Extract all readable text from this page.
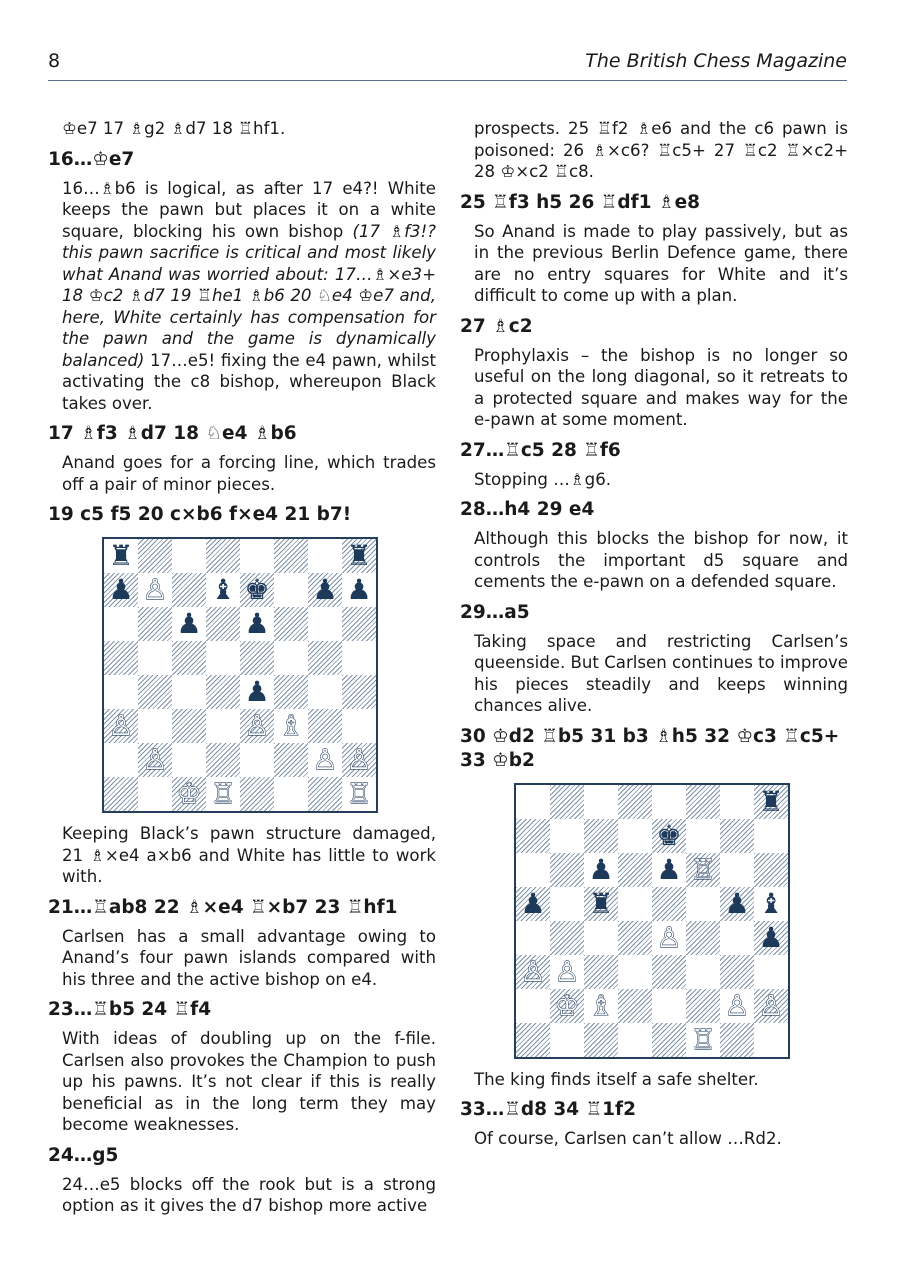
8	The British Chess Magazine
♔e7 17 ♗g2 ♗d7 18 ♖hf1.
16…♔e7
16…♗b6 is logical, as after 17 e4?! White keeps the pawn but places it on a white square, blocking his own bishop (17 ♗f3!? this pawn sacrifice is critical and most likely what Anand was worried about: 17…♗×e3+ 18 ♔c2 ♗d7 19 ♖he1 ♗b6 20 ♘e4 ♔e7 and, here, White certainly has compensation for the pawn and the game is dynamically balanced) 17…e5! fixing the e4 pawn, whilst activating the c8 bishop, whereupon Black takes over.
17 ♗f3 ♗d7 18 ♘e4 ♗b6
Anand goes for a forcing line, which trades off a pair of minor pieces.
19 c5 f5 20 c×b6 f×e4 21 b7!
♜	♜
♟ ♙ ♝ ♚ ♟ ♟
♟ ♟
♟
♙	♙ ♗
♙	♙ ♙
♔ ♖	♖
Keeping Black’s pawn structure damaged, 21 ♗×e4 a×b6 and White has little to work with.
21…♖ab8 22 ♗×e4 ♖×b7 23 ♖hf1
Carlsen has a small advantage owing to Anand’s four pawn islands compared with his three and the active bishop on e4.
23…♖b5 24 ♖f4
With ideas of doubling up on the f-file. Carlsen also provokes the Champion to push up his pawns. It’s not clear if this is really beneficial as in the long term they may become weaknesses.
24…g5
24…e5 blocks off the rook but is a strong option as it gives the d7 bishop more active
prospects. 25 ♖f2 ♗e6 and the c6 pawn is poisoned: 26 ♗×c6? ♖c5+ 27 ♖c2 ♖×c2+ 28 ♔×c2 ♖c8.
25 ♖f3 h5 26 ♖df1 ♗e8
So Anand is made to play passively, but as in the previous Berlin Defence game, there are no entry squares for White and it’s difficult to come up with a plan.
27 ♗c2
Prophylaxis – the bishop is no longer so useful on the long diagonal, so it retreats to a protected square and makes way for the e-pawn at some moment.
27…♖c5 28 ♖f6
Stopping …♗g6.
28…h4 29 e4
Although this blocks the bishop for now, it controls the important d5 square and cements the e-pawn on a defended square.
29…a5
Taking space and restricting Carlsen’s queenside. But Carlsen continues to improve his pieces steadily and keeps winning chances alive.
30 ♔d2 ♖b5 31 b3 ♗h5 32 ♔c3 ♖c5+ 33 ♔b2
♜
♚
♟ ♟ ♖
♟ ♜	♟ ♝
♙	♟
♙ ♙
♔ ♗	♙ ♙
♖
The king finds itself a safe shelter.
33…♖d8 34 ♖1f2
Of course, Carlsen can’t allow …Rd2.
